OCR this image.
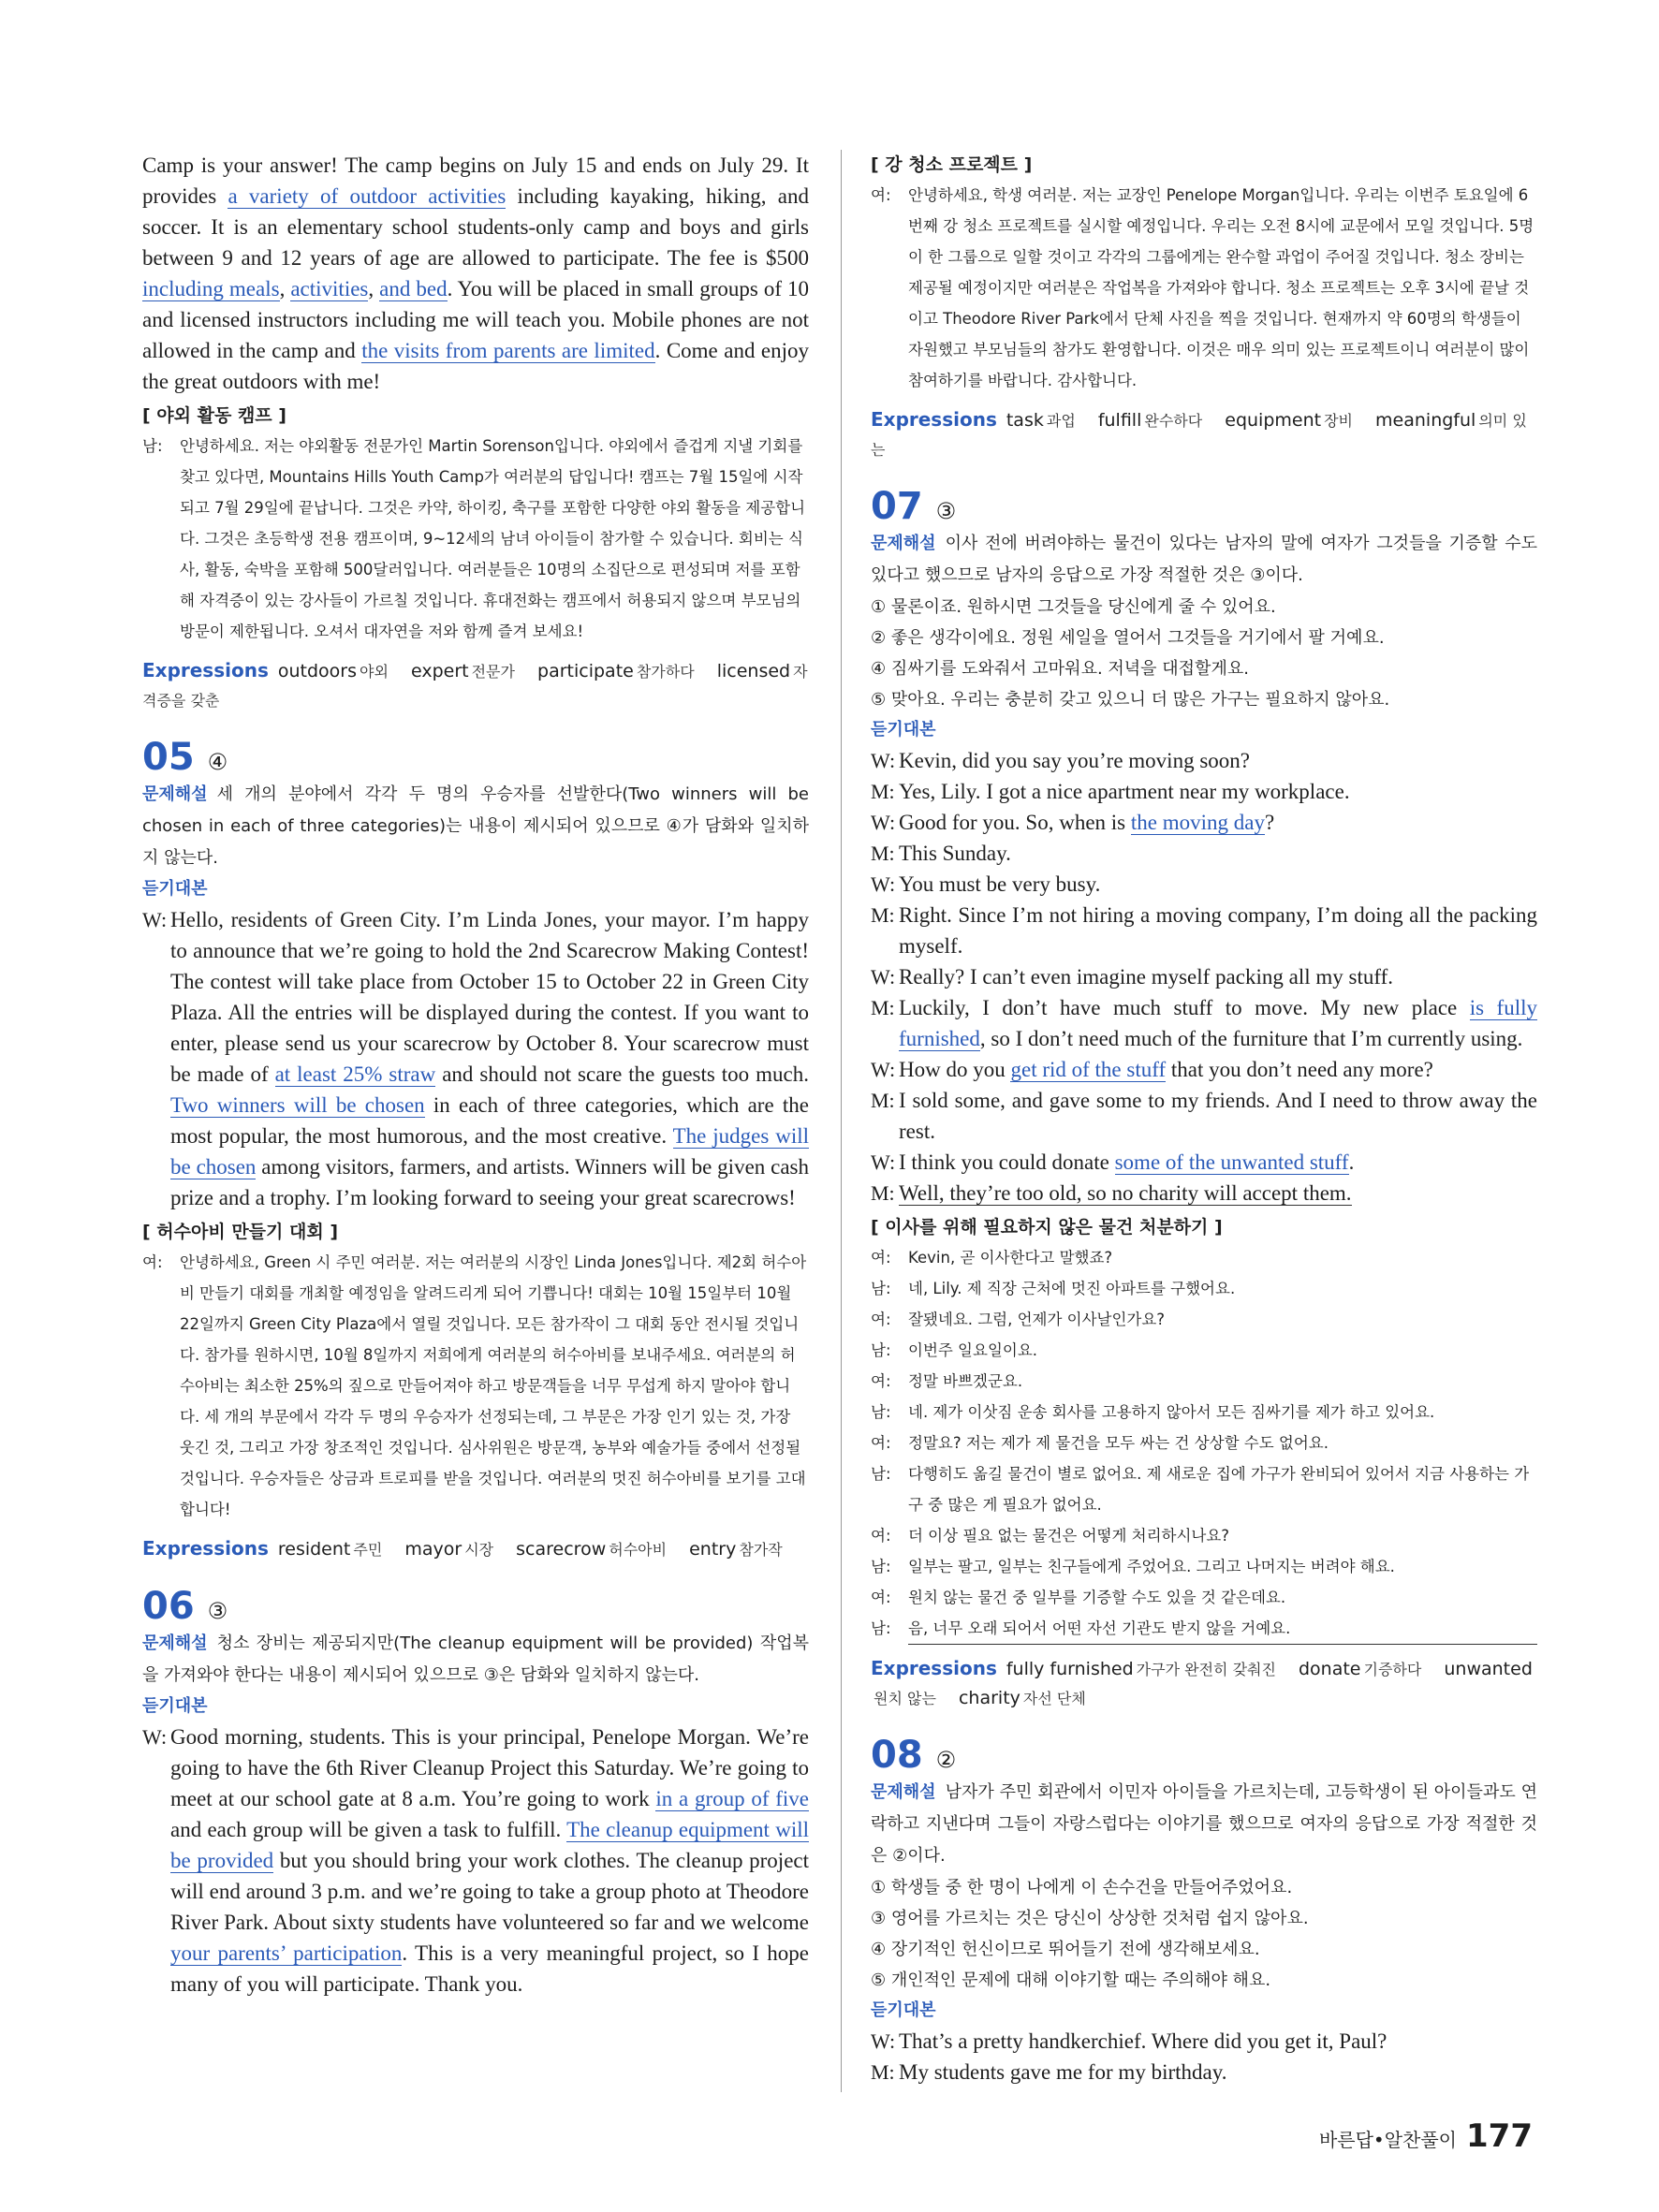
Camp is your answer! The camp begins on July 15 and ends on July 29. It provides a variety of outdoor activities including kayaking, hiking, and soccer. It is an elementary school students-only camp and boys and girls between 9 and 12 years of age are allowed to participate. The fee is $500 including meals, activities, and bed. You will be placed in small groups of 10 and licensed instructors including me will teach you. Mobile phones are not allowed in the camp and the visits from parents are limited. Come and enjoy the great outdoors with me!
[ 야외 활동 캠프 ]
남:	안녕하세요. 저는 야외활동 전문가인 Martin Sorenson입니다. 야외에서 즐겁게 지낼 기회를 찾고 있다면, Mountains Hills Youth Camp가 여러분의 답입니다! 캠프는 7월 15일에 시작되고 7월 29일에 끝납니다. 그것은 카약, 하이킹, 축구를 포함한 다양한 야외 활동을 제공합니다. 그것은 초등학생 전용 캠프이며, 9~12세의 남녀 아이들이 참가할 수 있습니다. 회비는 식사, 활동, 숙박을 포함해 500달러입니다. 여러분들은 10명의 소집단으로 편성되며 저를 포함해 자격증이 있는 강사들이 가르칠 것입니다. 휴대전화는 캠프에서 허용되지 않으며 부모님의 방문이 제한됩니다. 오셔서 대자연을 저와 함께 즐겨 보세요!
Expressions outdoors 야외 expert 전문가 participate 참가하다 licensed 자격증을 갖춘
05 ④
문제해설 세 개의 분야에서 각각 두 명의 우승자를 선발한다(Two winners will be chosen in each of three categories)는 내용이 제시되어 있으므로 ④가 담화와 일치하지 않는다.
듣기대본
W: Hello, residents of Green City. I’m Linda Jones, your mayor. I’m happy to announce that we’re going to hold the 2nd Scarecrow Making Contest! The contest will take place from October 15 to October 22 in Green City Plaza. All the entries will be displayed during the contest. If you want to enter, please send us your scarecrow by October 8. Your scarecrow must be made of at least 25% straw and should not scare the guests too much. Two winners will be chosen in each of three categories, which are the most popular, the most humorous, and the most creative. The judges will be chosen among visitors, farmers, and artists. Winners will be given cash prize and a trophy. I’m looking forward to seeing your great scarecrows!
[ 허수아비 만들기 대회 ]
여:	안녕하세요, Green 시 주민 여러분. 저는 여러분의 시장인 Linda Jones입니다. 제2회 허수아비 만들기 대회를 개최할 예정임을 알려드리게 되어 기쁩니다! 대회는 10월 15일부터 10월 22일까지 Green City Plaza에서 열릴 것입니다. 모든 참가작이 그 대회 동안 전시될 것입니다. 참가를 원하시면, 10월 8일까지 저희에게 여러분의 허수아비를 보내주세요. 여러분의 허수아비는 최소한 25%의 짚으로 만들어져야 하고 방문객들을 너무 무섭게 하지 말아야 합니다. 세 개의 부문에서 각각 두 명의 우승자가 선정되는데, 그 부문은 가장 인기 있는 것, 가장 웃긴 것, 그리고 가장 창조적인 것입니다. 심사위원은 방문객, 농부와 예술가들 중에서 선정될 것입니다. 우승자들은 상금과 트로피를 받을 것입니다. 여러분의 멋진 허수아비를 보기를 고대합니다!
Expressions resident 주민 mayor 시장 scarecrow 허수아비 entry 참가작
06 ③
문제해설 청소 장비는 제공되지만(The cleanup equipment will be provided) 작업복을 가져와야 한다는 내용이 제시되어 있으므로 ③은 담화와 일치하지 않는다.
듣기대본
W: Good morning, students. This is your principal, Penelope Morgan. We’re going to have the 6th River Cleanup Project this Saturday. We’re going to meet at our school gate at 8 a.m. You’re going to work in a group of five and each group will be given a task to fulfill. The cleanup equipment will be provided but you should bring your work clothes. The cleanup project will end around 3 p.m. and we’re going to take a group photo at Theodore River Park. About sixty students have volunteered so far and we welcome your parents’ participation. This is a very meaningful project, so I hope many of you will participate. Thank you.
[ 강 청소 프로젝트 ]
여:	안녕하세요, 학생 여러분. 저는 교장인 Penelope Morgan입니다. 우리는 이번주 토요일에 6번째 강 청소 프로젝트를 실시할 예정입니다. 우리는 오전 8시에 교문에서 모일 것입니다. 5명이 한 그룹으로 일할 것이고 각각의 그룹에게는 완수할 과업이 주어질 것입니다. 청소 장비는 제공될 예정이지만 여러분은 작업복을 가져와야 합니다. 청소 프로젝트는 오후 3시에 끝날 것이고 Theodore River Park에서 단체 사진을 찍을 것입니다. 현재까지 약 60명의 학생들이 자원했고 부모님들의 참가도 환영합니다. 이것은 매우 의미 있는 프로젝트이니 여러분이 많이 참여하기를 바랍니다. 감사합니다.
Expressions task 과업 fulfill 완수하다 equipment 장비 meaningful 의미 있는
07 ③
문제해설 이사 전에 버려야하는 물건이 있다는 남자의 말에 여자가 그것들을 기증할 수도 있다고 했으므로 남자의 응답으로 가장 적절한 것은 ③이다.
① 물론이죠. 원하시면 그것들을 당신에게 줄 수 있어요.
② 좋은 생각이에요. 정원 세일을 열어서 그것들을 거기에서 팔 거예요.
④ 짐싸기를 도와줘서 고마워요. 저녁을 대접할게요.
⑤ 맞아요. 우리는 충분히 갖고 있으니 더 많은 가구는 필요하지 않아요.
듣기대본
W: Kevin, did you say you’re moving soon?
M: Yes, Lily. I got a nice apartment near my workplace.
W: Good for you. So, when is the moving day?
M: This Sunday.
W: You must be very busy.
M: Right. Since I’m not hiring a moving company, I’m doing all the packing myself.
W: Really? I can’t even imagine myself packing all my stuff.
M: Luckily, I don’t have much stuff to move. My new place is fully furnished, so I don’t need much of the furniture that I’m currently using.
W: How do you get rid of the stuff that you don’t need any more?
M: I sold some, and gave some to my friends. And I need to throw away the rest.
W: I think you could donate some of the unwanted stuff.
M: Well, they’re too old, so no charity will accept them.
[ 이사를 위해 필요하지 않은 물건 처분하기 ]
여:	Kevin, 곧 이사한다고 말했죠?
남:	네, Lily. 제 직장 근처에 멋진 아파트를 구했어요.
여:	잘됐네요. 그럼, 언제가 이사날인가요?
남:	이번주 일요일이요.
여:	정말 바쁘겠군요.
남:	네. 제가 이삿짐 운송 회사를 고용하지 않아서 모든 짐싸기를 제가 하고 있어요.
여:	정말요? 저는 제가 제 물건을 모두 싸는 건 상상할 수도 없어요.
남:	다행히도 옮길 물건이 별로 없어요. 제 새로운 집에 가구가 완비되어 있어서 지금 사용하는 가구 중 많은 게 필요가 없어요.
여:	더 이상 필요 없는 물건은 어떻게 처리하시나요?
남:	일부는 팔고, 일부는 친구들에게 주었어요. 그리고 나머지는 버려야 해요.
여:	원치 않는 물건 중 일부를 기증할 수도 있을 것 같은데요.
남:	음, 너무 오래 되어서 어떤 자선 기관도 받지 않을 거예요.
Expressions fully furnished 가구가 완전히 갖춰진 donate 기증하다 unwanted원치 않는 charity 자선 단체
08 ②
문제해설 남자가 주민 회관에서 이민자 아이들을 가르치는데, 고등학생이 된 아이들과도 연락하고 지낸다며 그들이 자랑스럽다는 이야기를 했으므로 여자의 응답으로 가장 적절한 것은 ②이다.
① 학생들 중 한 명이 나에게 이 손수건을 만들어주었어요.
③ 영어를 가르치는 것은 당신이 상상한 것처럼 쉽지 않아요.
④ 장기적인 헌신이므로 뛰어들기 전에 생각해보세요.
⑤ 개인적인 문제에 대해 이야기할 때는 주의해야 해요.
듣기대본
W: That’s a pretty handkerchief. Where did you get it, Paul?
M: My students gave me for my birthday.
바른답•알찬풀이 177
